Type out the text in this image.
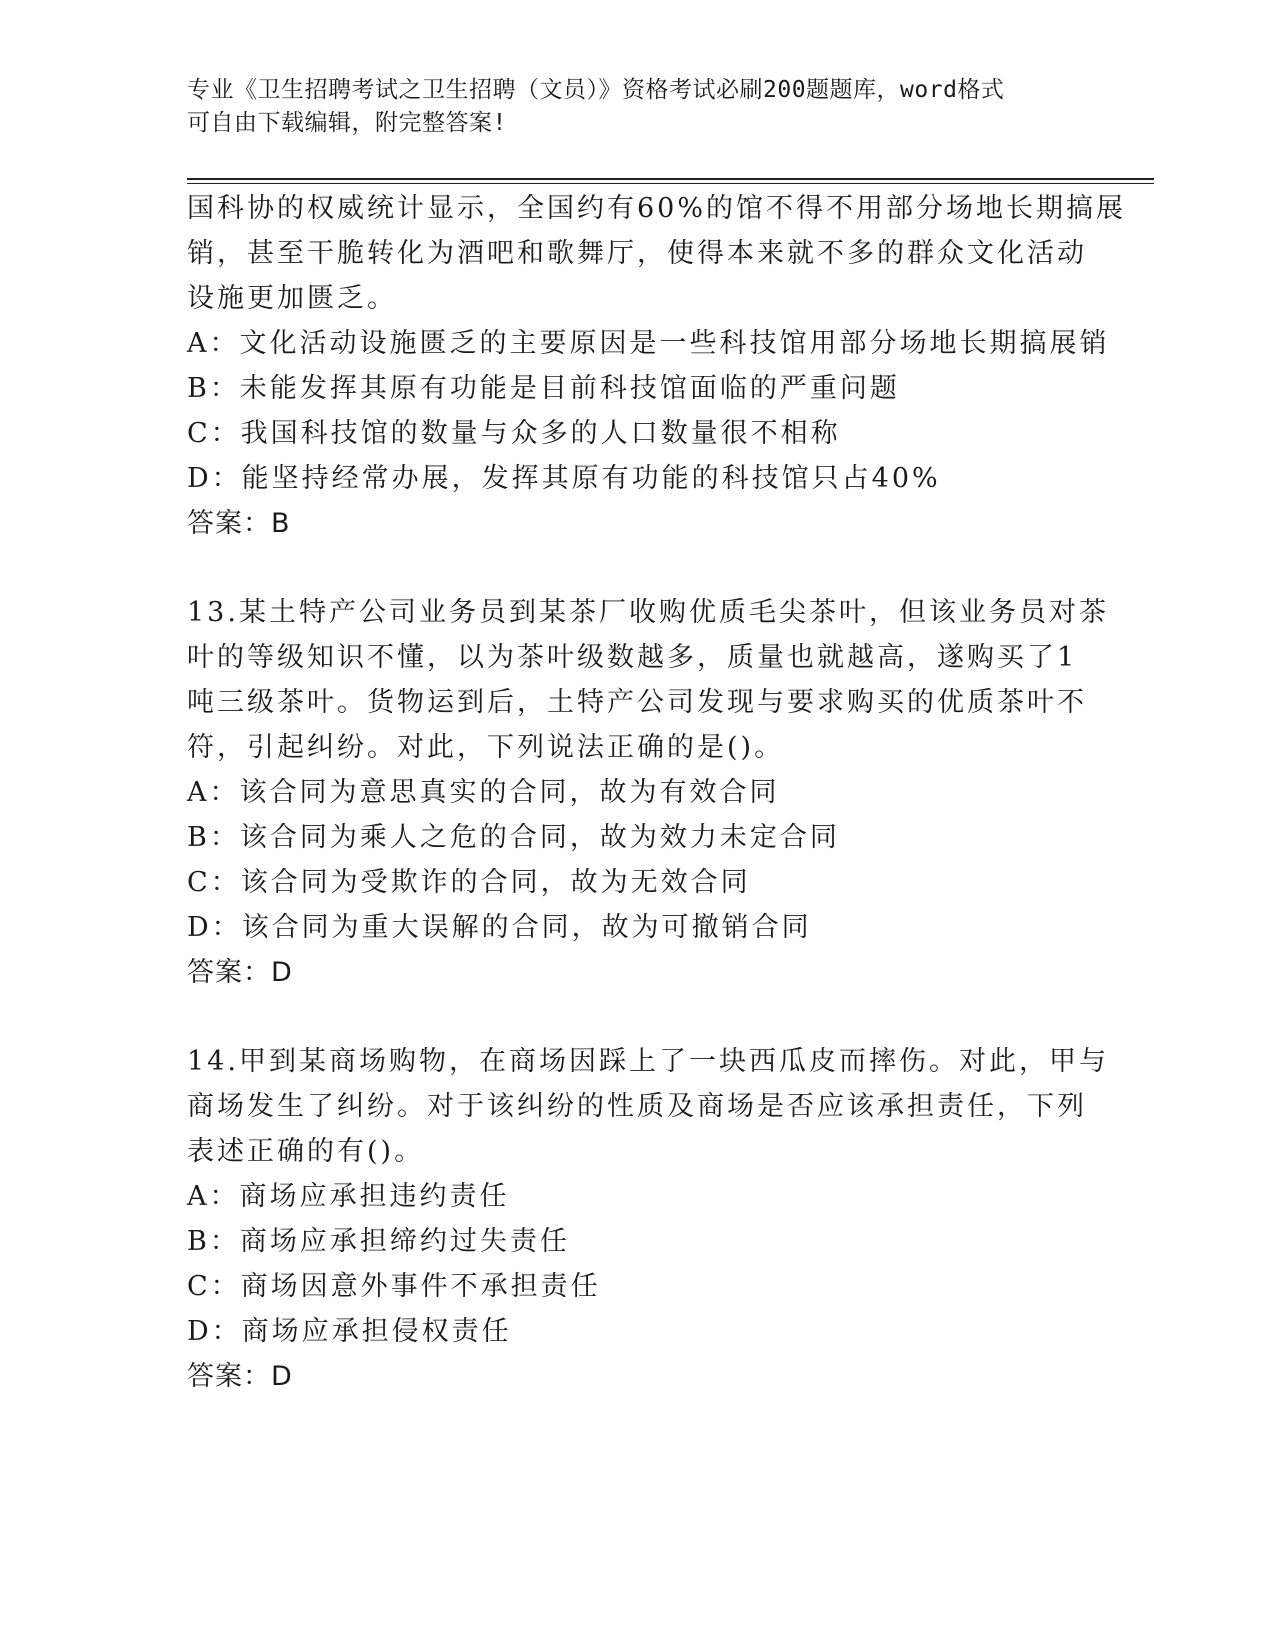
专业《卫生招聘考试之卫生招聘（文员）》资格考试必刷200题题库，word格式
可自由下载编辑，附完整答案!
国科协的权威统计显示，全国约有60%的馆不得不用部分场地长期搞展
销，甚至干脆转化为酒吧和歌舞厅，使得本来就不多的群众文化活动
设施更加匮乏。
A：文化活动设施匮乏的主要原因是一些科技馆用部分场地长期搞展销
B：未能发挥其原有功能是目前科技馆面临的严重问题
C：我国科技馆的数量与众多的人口数量很不相称
D：能坚持经常办展，发挥其原有功能的科技馆只占40%
答案：B
13.某土特产公司业务员到某茶厂收购优质毛尖茶叶，但该业务员对茶
叶的等级知识不懂，以为茶叶级数越多，质量也就越高，遂购买了1
吨三级茶叶。货物运到后，土特产公司发现与要求购买的优质茶叶不
符，引起纠纷。对此，下列说法正确的是()。
A：该合同为意思真实的合同，故为有效合同
B：该合同为乘人之危的合同，故为效力未定合同
C：该合同为受欺诈的合同，故为无效合同
D：该合同为重大误解的合同，故为可撤销合同
答案：D
14.甲到某商场购物，在商场因踩上了一块西瓜皮而摔伤。对此，甲与
商场发生了纠纷。对于该纠纷的性质及商场是否应该承担责任，下列
表述正确的有()。
A：商场应承担违约责任
B：商场应承担缔约过失责任
C：商场因意外事件不承担责任
D：商场应承担侵权责任
答案：D
